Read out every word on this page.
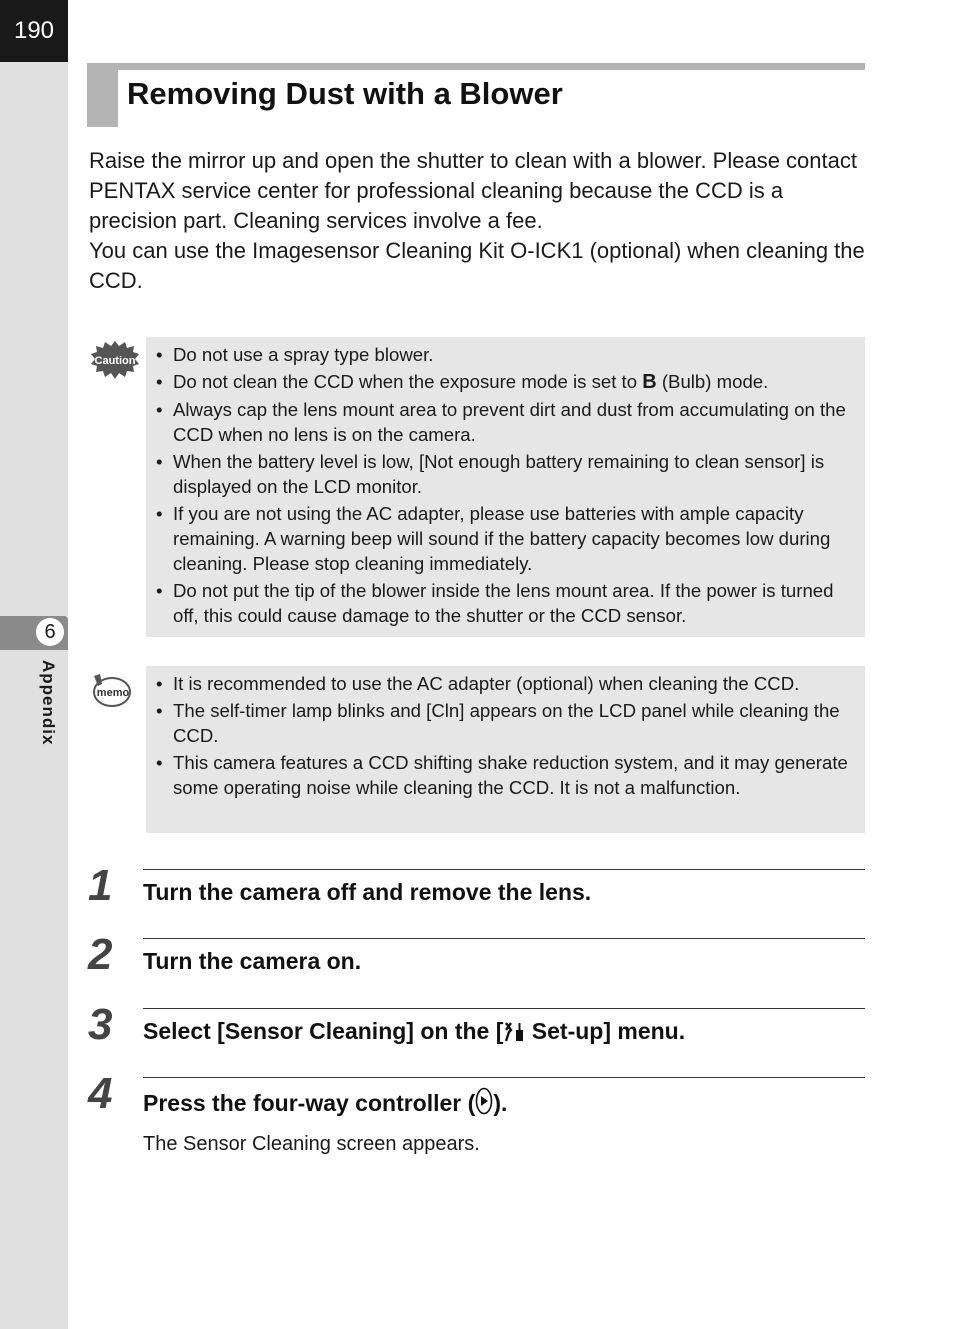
190
6
Appendix
Removing Dust with a Blower

Raise the mirror up and open the shutter to clean with a blower. Please contact PENTAX service center for professional cleaning because the CCD is a precision part. Cleaning services involve a fee.

You can use the Imagesensor Cleaning Kit O-ICK1 (optional) when cleaning the CCD.

Caution	• Do not use a spray type blower.
• Do not clean the CCD when the exposure mode is set to B (Bulb) mode.
• Always cap the lens mount area to prevent dirt and dust from accumulating on the CCD when no lens is on the camera.
• When the battery level is low, [Not enough battery remaining to clean sensor] is displayed on the LCD monitor.
• If you are not using the AC adapter, please use batteries with ample capacity remaining. A warning beep will sound if the battery capacity becomes low during cleaning. Please stop cleaning immediately.
• Do not put the tip of the blower inside the lens mount area. If the power is turned off, this could cause damage to the shutter or the CCD sensor.
memo	• It is recommended to use the AC adapter (optional) when cleaning the CCD.
• The self-timer lamp blinks and [Cln] appears on the LCD panel while cleaning the CCD.
• This camera features a CCD shifting shake reduction system, and it may generate some operating noise while cleaning the CCD. It is not a malfunction.
1	Turn the camera off and remove the lens.
2	Turn the camera on.
3	Select [Sensor Cleaning] on the [ Set-up] menu.
4	Press the four-way controller ( ).
The Sensor Cleaning screen appears.
